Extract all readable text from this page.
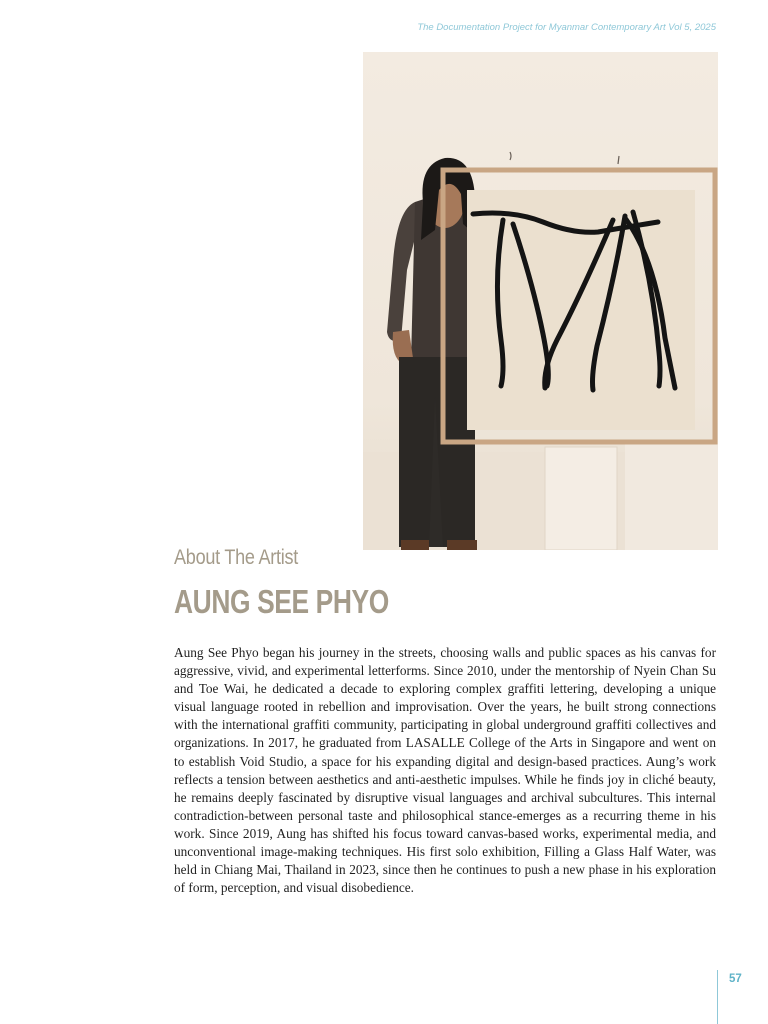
The Documentation Project for Myanmar Contemporary Art Vol 5, 2025
About The Artist
AUNG SEE PHYO

Aung See Phyo began his journey in the streets, choosing walls and public spaces as his canvas for aggressive, vivid, and experimental letterforms. Since 2010, under the mentorship of Nyein Chan Su and Toe Wai, he dedicated a decade to exploring complex graffiti lettering, developing a unique visual language rooted in rebellion and improvisation. Over the years, he built strong connections with the international graffiti community, participating in global underground graffiti collectives and organizations. In 2017, he graduated from LASALLE College of the Arts in Singapore and went on to establish Void Studio, a space for his expanding digital and design-based practices. Aung’s work reflects a tension between aesthetics and anti-aesthetic impulses. While he finds joy in cliché beauty, he remains deeply fascinated by disruptive visual languages and archival subcultures. This internal contradiction-between personal taste and philosophical stance-emerges as a recurring theme in his work. Since 2019, Aung has shifted his focus toward canvas-based works, experimental media, and unconventional image-making techniques. His first solo exhibition, Filling a Glass Half Water, was held in Chiang Mai, Thailand in 2023, since then he continues to push a new phase in his exploration of form, perception, and visual disobedience.

57
